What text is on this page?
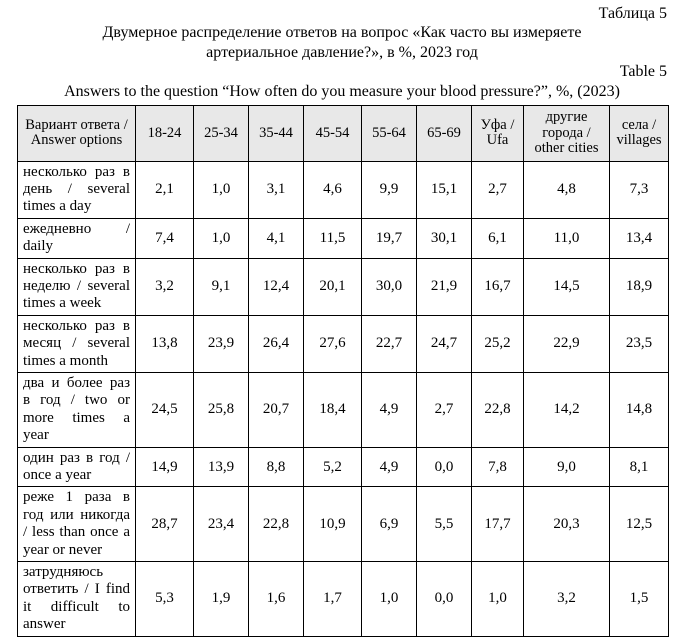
Таблица 5
Двумерное распределение ответов на вопрос «Как часто вы измеряете артериальное давление?», в %, 2023 год
Table 5
Answers to the question “How often do you measure your blood pressure?”, %, (2023)
Вариант ответа / Answer options	18-24	25-34	35-44	45-54	55-64	65-69	Уфа / Ufa	другие города / other cities	села / villages
несколько раз в день / several times a day	2,1	1,0	3,1	4,6	9,9	15,1	2,7	4,8	7,3
ежедневно / daily	7,4	1,0	4,1	11,5	19,7	30,1	6,1	11,0	13,4
несколько раз в неделю / several times a week	3,2	9,1	12,4	20,1	30,0	21,9	16,7	14,5	18,9
несколько раз в месяц / several times a month	13,8	23,9	26,4	27,6	22,7	24,7	25,2	22,9	23,5
два и более раз в год / two or more times a year	24,5	25,8	20,7	18,4	4,9	2,7	22,8	14,2	14,8
один раз в год / once a year	14,9	13,9	8,8	5,2	4,9	0,0	7,8	9,0	8,1
реже 1 раза в год или никогда / less than once a year or never	28,7	23,4	22,8	10,9	6,9	5,5	17,7	20,3	12,5
затрудняюсь ответить / I find it difficult to answer	5,3	1,9	1,6	1,7	1,0	0,0	1,0	3,2	1,5
